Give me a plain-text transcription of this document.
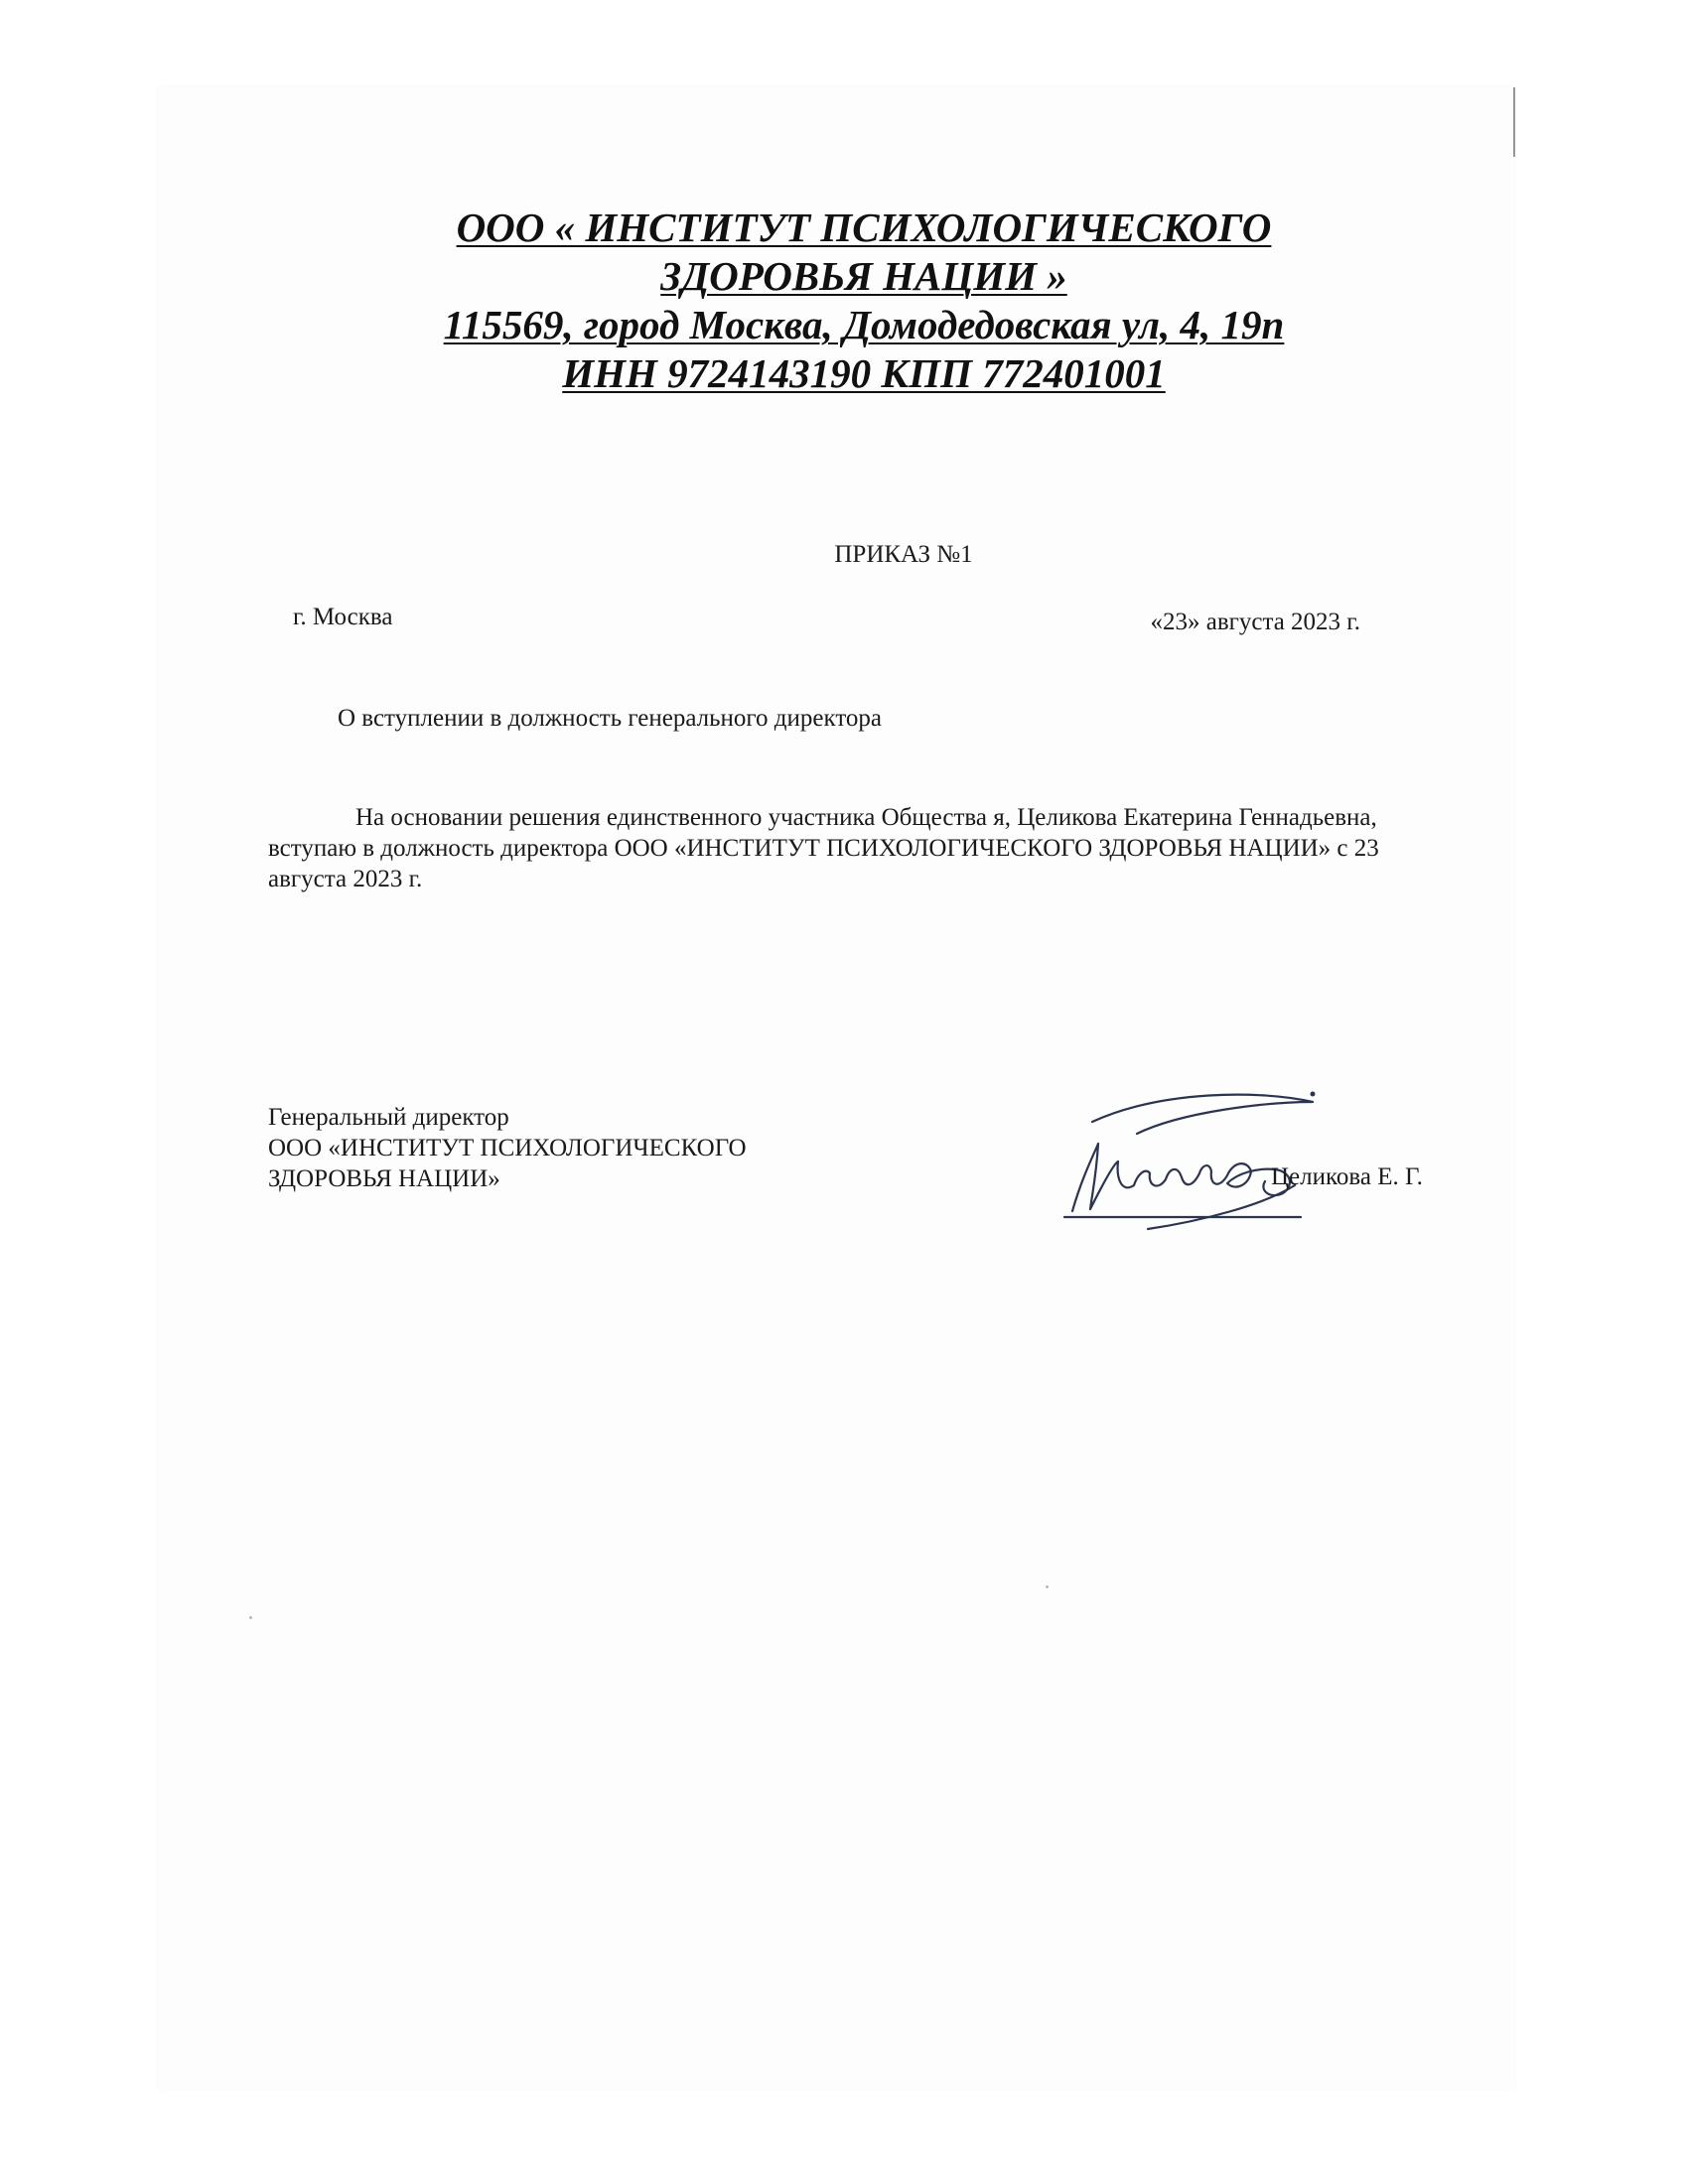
ООО « ИНСТИТУТ ПСИХОЛОГИЧЕСКОГО
ЗДОРОВЬЯ НАЦИИ »
115569, город Москва, Домодедовская ул, 4, 19п
ИНН 9724143190 КПП 772401001
ПРИКАЗ №1
г. Москва	«23» августа 2023 г.
О вступлении в должность генерального директора
На основании решения единственного участника Общества я, Целикова Екатерина Геннадьевна, вступаю в должность директора ООО «ИНСТИТУТ ПСИХОЛОГИЧЕСКОГО ЗДОРОВЬЯ НАЦИИ» с 23 августа 2023 г.
Генеральный директор
ООО «ИНСТИТУТ ПСИХОЛОГИЧЕСКОГО
ЗДОРОВЬЯ НАЦИИ»	Целикова Е. Г.
